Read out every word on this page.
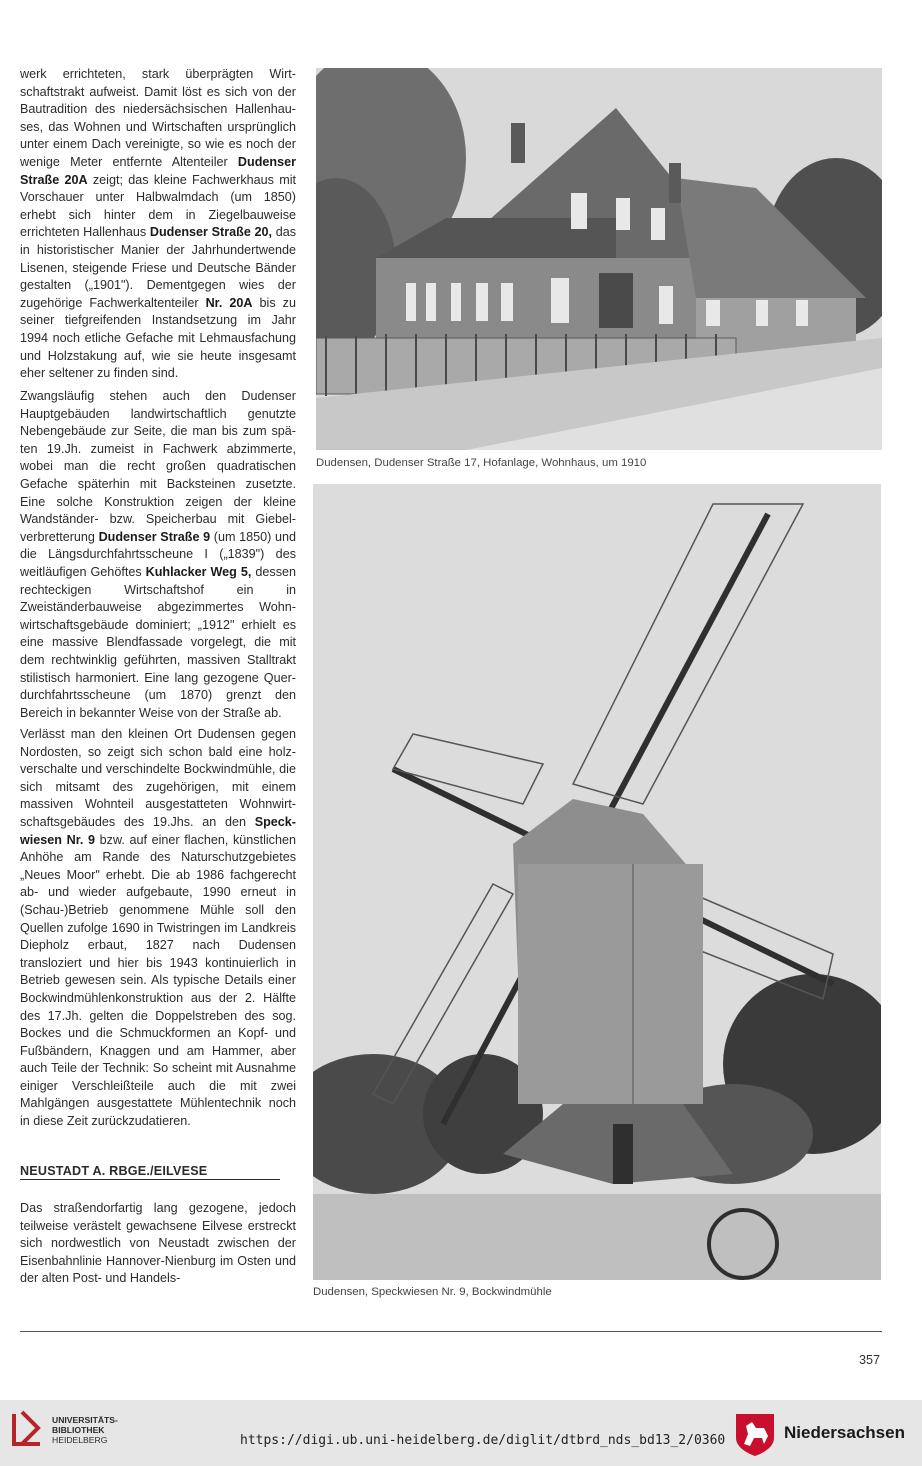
werk errichteten, stark überprägten Wirtschaftstrakt aufweist. Damit löst es sich von der Bautradition des niedersächsischen Hallenhauses, das Wohnen und Wirtschaften ursprünglich unter einem Dach vereinigte, so wie es noch der wenige Meter entfernte Altenteiler Dudenser Straße 20A zeigt; das kleine Fachwerkhaus mit Vorschauer unter Halbwalmdach (um 1850) erhebt sich hinter dem in Ziegelbauweise errichteten Hallenhaus Dudenser Straße 20, das in historistischer Manier der Jahrhundertwende Lisenen, steigende Friese und Deutsche Bänder gestalten („1901"). Dementgegen wies der zugehörige Fachwerkaltenteiler Nr. 20A bis zu seiner tiefgreifenden Instandsetzung im Jahr 1994 noch etliche Gefache mit Lehmausfachung und Holzstakung auf, wie sie heute insgesamt eher seltener zu finden sind.

Zwangsläufig stehen auch den Dudenser Hauptgebäuden landwirtschaftlich genutzte Nebengebäude zur Seite, die man bis zum späten 19.Jh. zumeist in Fachwerk abzimmerte, wobei man die recht großen quadratischen Gefache späterhin mit Backsteinen zusetzte. Eine solche Konstruktion zeigen der kleine Wandständer- bzw. Speicherbau mit Giebelverbretterung Dudenser Straße 9 (um 1850) und die Längsdurchfahrtsscheune I („1839") des weitläufigen Gehöftes Kuhlacker Weg 5, dessen rechteckigen Wirtschaftshof ein in Zweiständerbauweise abgezimmertes Wohnwirtschaftsgebäude dominiert; „1912" erhielt es eine massive Blendfassade vorgelegt, die mit dem rechtwinklig geführten, massiven Stalltrakt stilistisch harmoniert. Eine lang gezogene Querdurchfahrtsscheune (um 1870) grenzt den Bereich in bekannter Weise von der Straße ab.

Verlässt man den kleinen Ort Dudensen gegen Nordosten, so zeigt sich schon bald eine holzverschalte und verschindelte Bockwindmühle, die sich mitsamt des zugehörigen, mit einem massiven Wohnteil ausgestatteten Wohnwirtschaftsgebäudes des 19.Jhs. an den Speckwiesen Nr. 9 bzw. auf einer flachen, künstlichen Anhöhe am Rande des Naturschutzgebietes „Neues Moor" erhebt. Die ab 1986 fachgerecht ab- und wieder aufgebaute, 1990 erneut in (Schau-)Betrieb genommene Mühle soll den Quellen zufolge 1690 in Twistringen im Landkreis Diepholz erbaut, 1827 nach Dudensen transloziert und hier bis 1943 kontinuierlich in Betrieb gewesen sein. Als typische Details einer Bockwindmühlenkonstruktion aus der 2. Hälfte des 17.Jh. gelten die Doppelstreben des sog. Bockes und die Schmuckformen an Kopf- und Fußbändern, Knaggen und am Hammer, aber auch Teile der Technik: So scheint mit Ausnahme einiger Verschleißteile auch die mit zwei Mahlgängen ausgestattete Mühlentechnik noch in diese Zeit zurückzudatieren.

NEUSTADT A. RBGE./EILVESE

Das straßendorfartig lang gezogene, jedoch teilweise verästelt gewachsene Eilvese erstreckt sich nordwestlich von Neustadt zwischen der Eisenbahnlinie Hannover-Nienburg im Osten und der alten Post- und Handels-

Dudensen, Dudenser Straße 17, Hofanlage, Wohnhaus, um 1910
Dudensen, Speckwiesen Nr. 9, Bockwindmühle
357
UNIVERSITÄTS-
BIBLIOTHEK
HEIDELBERG	https://digi.ub.uni-heidelberg.de/diglit/dtbrd_nds_bd13_2/0360	Niedersachsen
